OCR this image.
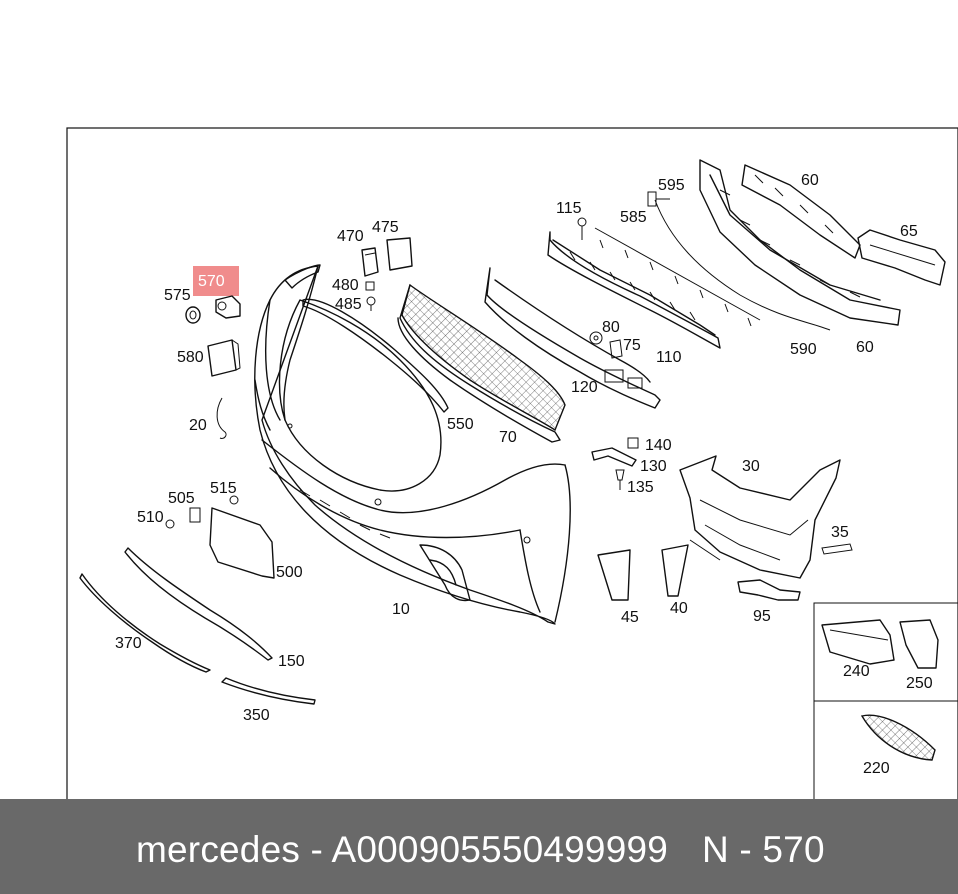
570
575
580
20
470
475
480
485
550
70
115
585
595	60
65
80
75
110
120
590 60
140
130
135
30
35
505
515
510
500
10	45
40	95
370
150
350
240
250
220
mercedes - A000905550499999 N - 570
